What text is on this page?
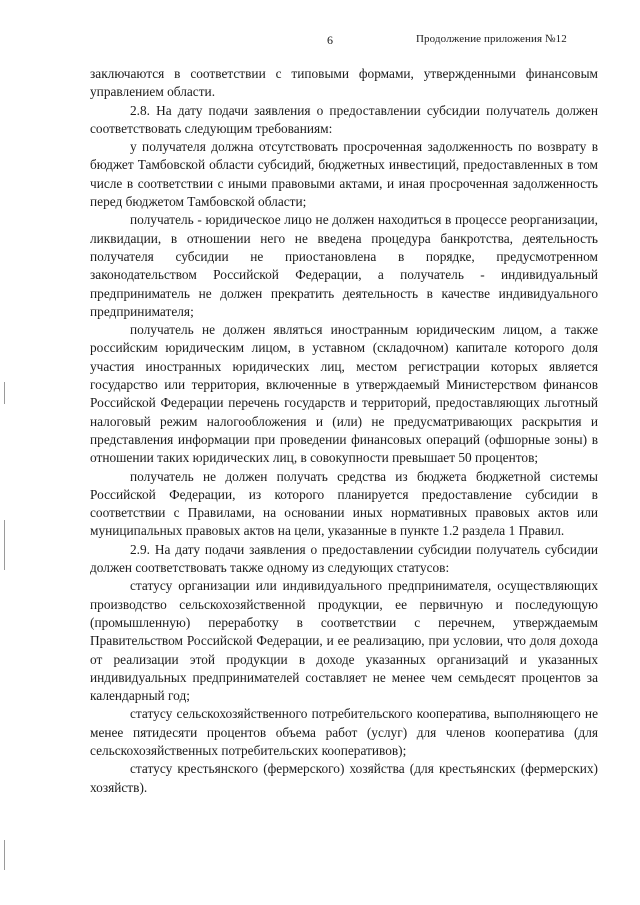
6	Продолжение приложения №12

заключаются в соответствии с типовыми формами, утвержденными финансовым управлением области.

2.8. На дату подачи заявления о предоставлении субсидии получатель должен соответствовать следующим требованиям:

у получателя должна отсутствовать просроченная задолженность по возврату в бюджет Тамбовской области субсидий, бюджетных инвестиций, предоставленных в том числе в соответствии с иными правовыми актами, и иная просроченная задолженность перед бюджетом Тамбовской области;

получатель - юридическое лицо не должен находиться в процессе реорганизации, ликвидации, в отношении него не введена процедура банкротства, деятельность получателя субсидии не приостановлена в порядке, предусмотренном законодательством Российской Федерации, а получатель - индивидуальный предприниматель не должен прекратить деятельность в качестве индивидуального предпринимателя;

получатель не должен являться иностранным юридическим лицом, а также российским юридическим лицом, в уставном (складочном) капитале которого доля участия иностранных юридических лиц, местом регистрации которых является государство или территория, включенные в утверждаемый Министерством финансов Российской Федерации перечень государств и территорий, предоставляющих льготный налоговый режим налогообложения и (или) не предусматривающих раскрытия и представления информации при проведении финансовых операций (офшорные зоны) в отношении таких юридических лиц, в совокупности превышает 50 процентов;

получатель не должен получать средства из бюджета бюджетной системы Российской Федерации, из которого планируется предоставление субсидии в соответствии с Правилами, на основании иных нормативных правовых актов или муниципальных правовых актов на цели, указанные в пункте 1.2 раздела 1 Правил.

2.9. На дату подачи заявления о предоставлении субсидии получатель субсидии должен соответствовать также одному из следующих статусов:

статусу организации или индивидуального предпринимателя, осуществляющих производство сельскохозяйственной продукции, ее первичную и последующую (промышленную) переработку в соответствии с перечнем, утверждаемым Правительством Российской Федерации, и ее реализацию, при условии, что доля дохода от реализации этой продукции в доходе указанных организаций и указанных индивидуальных предпринимателей составляет не менее чем семьдесят процентов за календарный год;

статусу сельскохозяйственного потребительского кооператива, выполняющего не менее пятидесяти процентов объема работ (услуг) для членов кооператива (для сельскохозяйственных потребительских кооперативов);

статусу крестьянского (фермерского) хозяйства (для крестьянских (фермерских) хозяйств).
